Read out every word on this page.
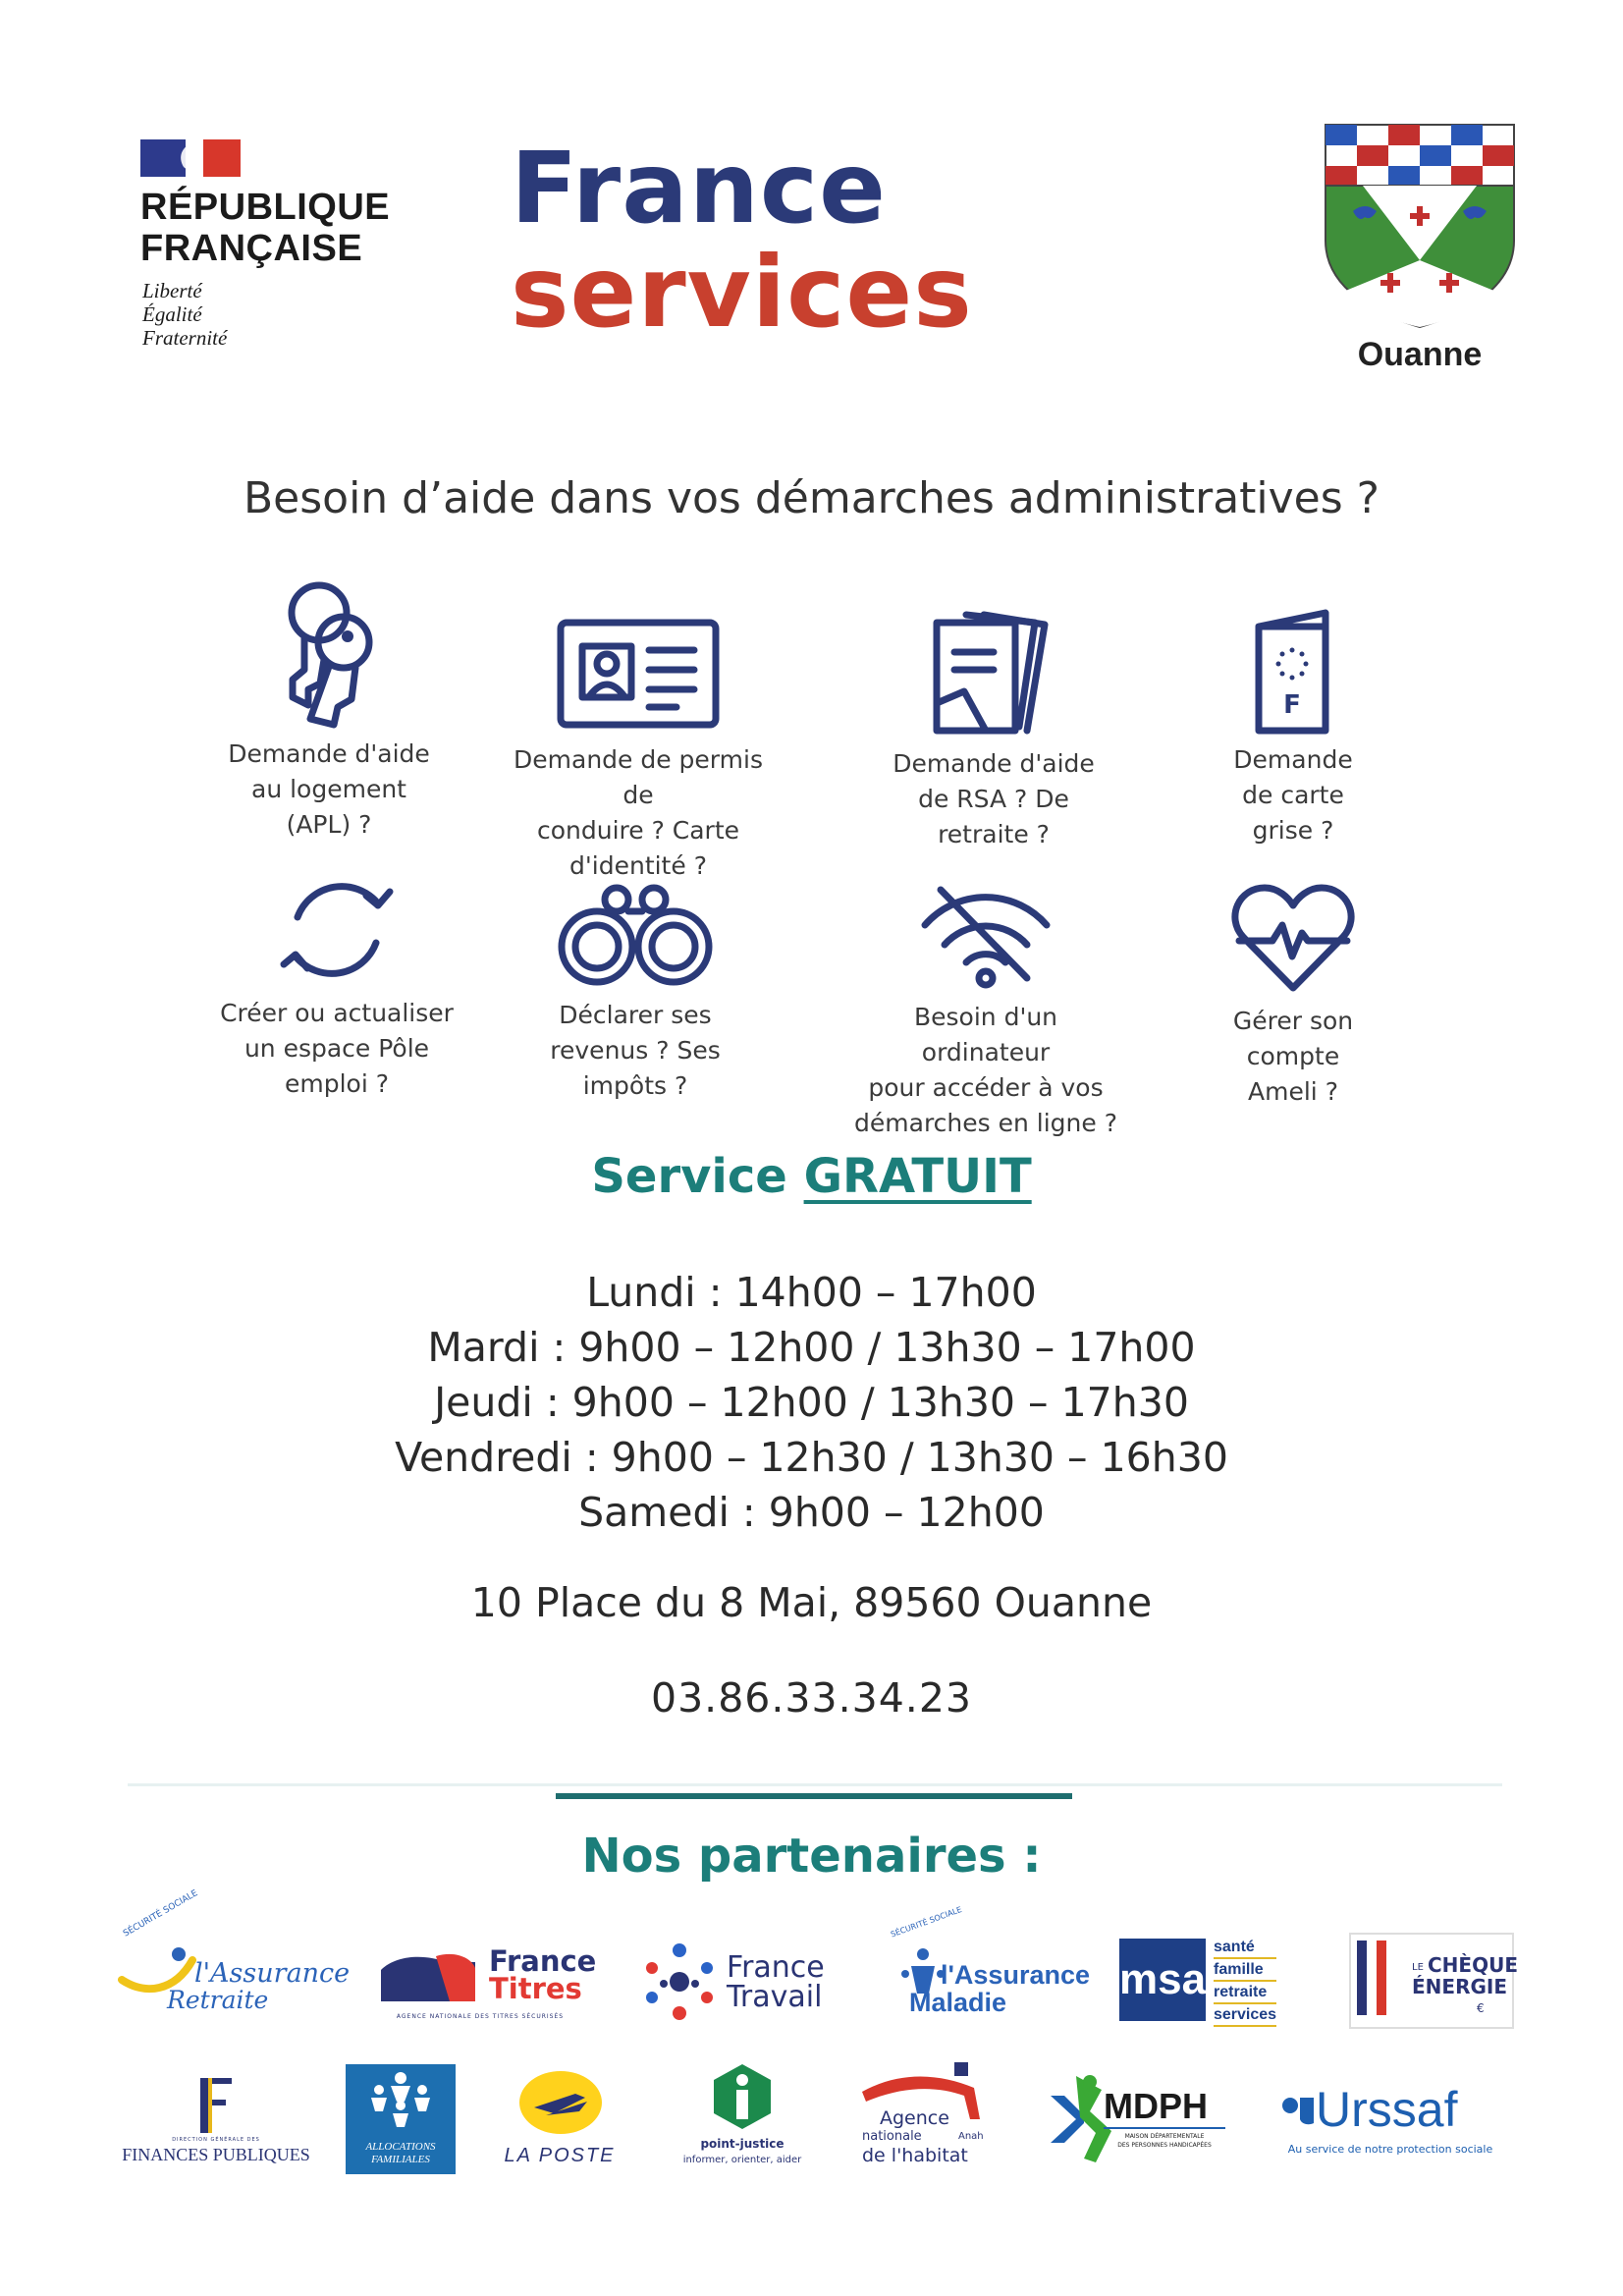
RÉPUBLIQUE
FRANÇAISE
Liberté
Égalité
Fraternité
France
services
Ouanne
Besoin d’aide dans vos démarches administratives ?
Demande d'aide
au logement
(APL) ?
Demande de permis de
conduire ? Carte
d'identité ?
Demande d'aide
de RSA ? De
retraite ?
F
Demande
de carte
grise ?
Créer ou actualiser
un espace Pôle
emploi ?
Déclarer ses
revenus ? Ses
impôts ?
Besoin d'un ordinateur
pour accéder à vos
démarches en ligne ?
Gérer son
compte
Ameli ?
Service GRATUIT
Lundi : 14h00 – 17h00
Mardi : 9h00 – 12h00 / 13h30 – 17h00
Jeudi : 9h00 – 12h00 / 13h30 – 17h30
Vendredi : 9h00 – 12h30 / 13h30 – 16h30
Samedi : 9h00 – 12h00
10 Place du 8 Mai, 89560 Ouanne
03.86.33.34.23
Nos partenaires :
SÉCURITÉ SOCIALE
l'Assurance
Retraite
France
Titres
AGENCE NATIONALE DES TITRES SÉCURISÉS
France
Travail
SÉCURITÉ SOCIALE
l'Assurance
Maladie	msa
santé
famille
retraite
services
LE CHÈQUE
ÉNERGIE
€
DIRECTION GÉNÉRALE DES
FINANCES PUBLIQUES	ALLOCATIONS
FAMILIALES	LA POSTE
point-justice
informer, orienter, aider
Agence
nationale	Anah
de l'habitat
MDPH
MAISON DÉPARTEMENTALE
DES PERSONNES HANDICAPÉES
Urssaf
Au service de notre protection sociale
